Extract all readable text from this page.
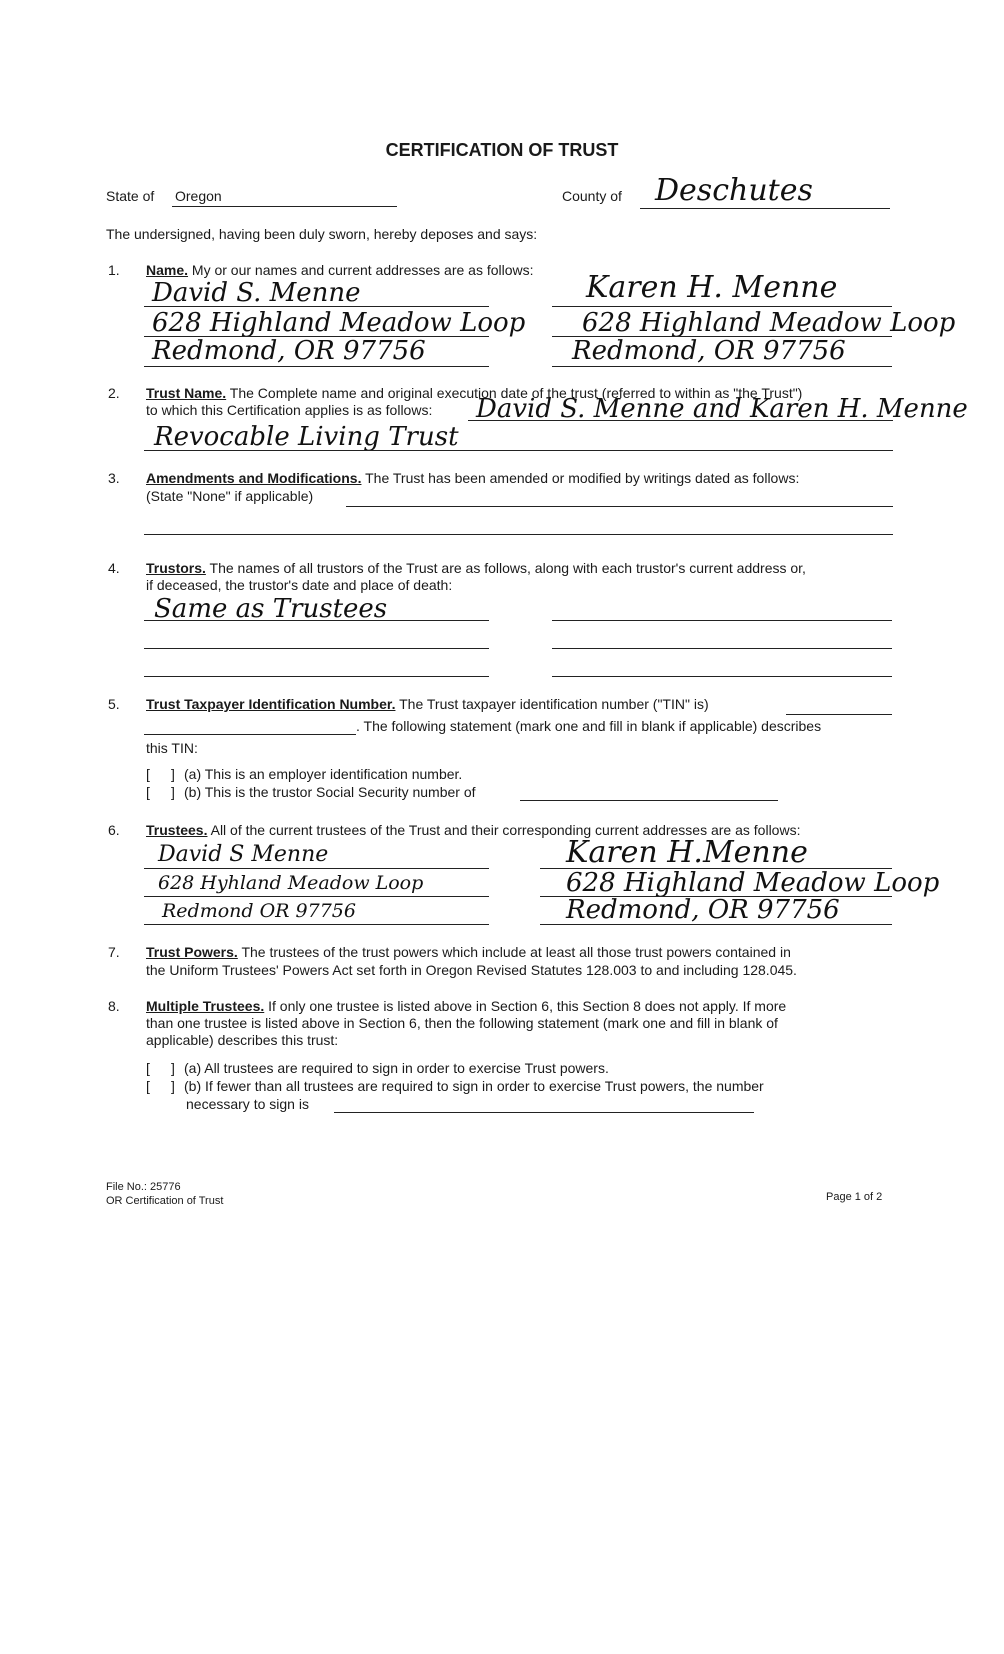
CERTIFICATION OF TRUST
State of Oregon	County of Deschutes
The undersigned, having been duly sworn, hereby deposes and says:
1. Name. My or our names and current addresses are as follows:
David S. Menne
628 Highland Meadow Loop
Redmond, OR 97756
Karen H. Menne
628 Highland Meadow Loop
Redmond, OR 97756
2. Trust Name. The Complete name and original execution date of the trust (referred to within as "the Trust")
to which this Certification applies is as follows: David S. Menne and Karen H. Menne
Revocable Living Trust
3. Amendments and Modifications. The Trust has been amended or modified by writings dated as follows:
(State "None" if applicable)
4. Trustors. The names of all trustors of the Trust are as follows, along with each trustor's current address or,
if deceased, the trustor's date and place of death:
Same as Trustees
5. Trust Taxpayer Identification Number. The Trust taxpayer identification number ("TIN" is)
. The following statement (mark one and fill in blank if applicable) describes
this TIN:
[ ] (a) This is an employer identification number.
[ ] (b) This is the trustor Social Security number of
6. Trustees. All of the current trustees of the Trust and their corresponding current addresses are as follows:
David S Menne
628 Hyhland Meadow Loop
Redmond OR 97756
Karen H.Menne
628 Highland Meadow Loop
Redmond, OR 97756
7. Trust Powers. The trustees of the trust powers which include at least all those trust powers contained in
the Uniform Trustees' Powers Act set forth in Oregon Revised Statutes 128.003 to and including 128.045.
8. Multiple Trustees. If only one trustee is listed above in Section 6, this Section 8 does not apply. If more
than one trustee is listed above in Section 6, then the following statement (mark one and fill in blank of
applicable) describes this trust:
[ ] (a) All trustees are required to sign in order to exercise Trust powers.
[ ] (b) If fewer than all trustees are required to sign in order to exercise Trust powers, the number
necessary to sign is
File No.: 25776
OR Certification of Trust	Page 1 of 2
